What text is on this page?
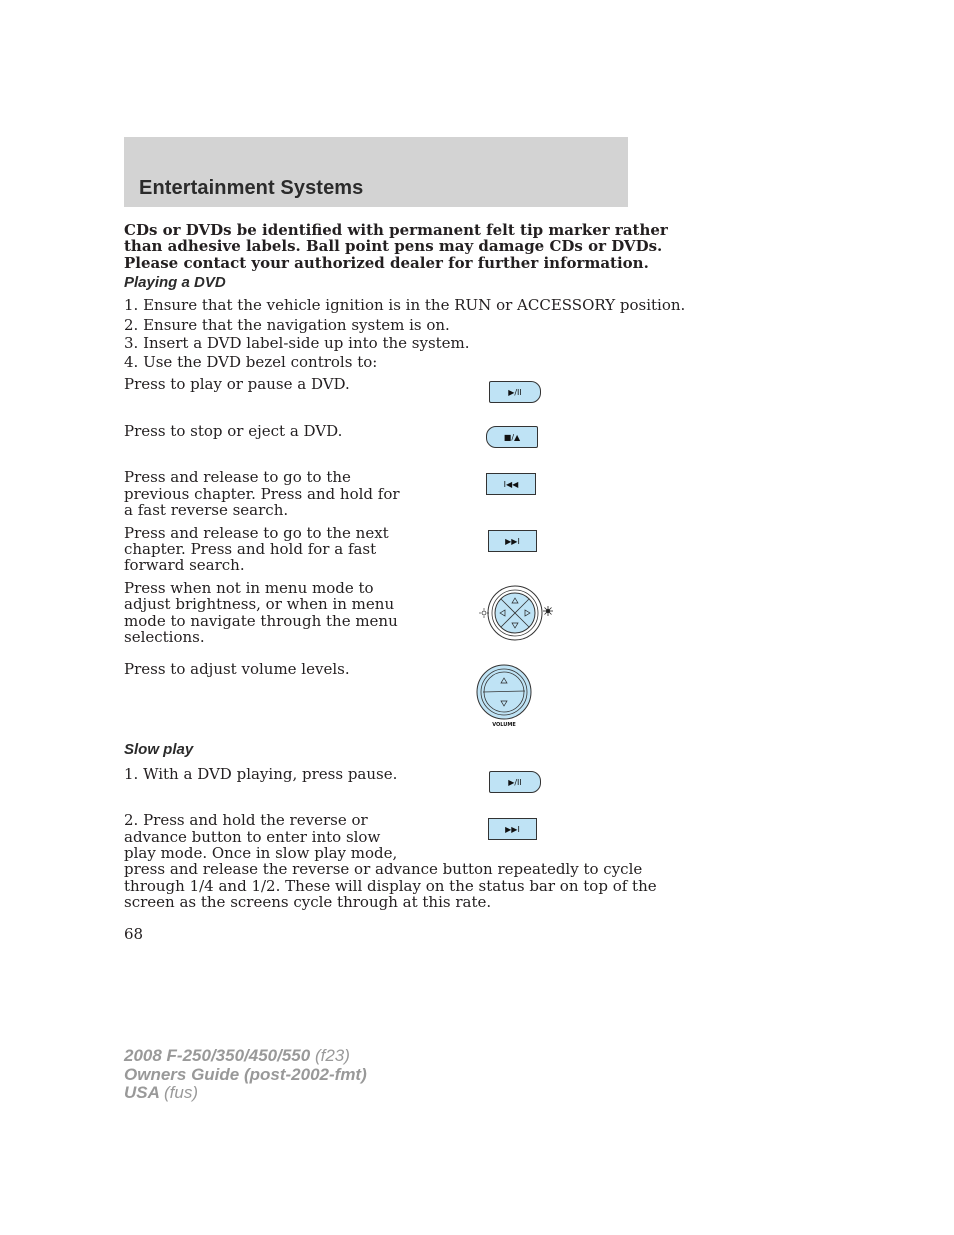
Entertainment Systems
CDs or DVDs be identified with permanent felt tip marker rather
than adhesive labels. Ball point pens may damage CDs or DVDs.
Please contact your authorized dealer for further information.
Playing a DVD
1. Ensure that the vehicle ignition is in the RUN or ACCESSORY position.
2. Ensure that the navigation system is on.
3. Insert a DVD label-side up into the system.
4. Use the DVD bezel controls to:
Press to play or pause a DVD.	▶/II
Press to stop or eject a DVD.	■/▲
Press and release to go to the
previous chapter. Press and hold for
a fast reverse search.
I◀◀
Press and release to go to the next
chapter. Press and hold for a fast
forward search.
▶▶I
Press when not in menu mode to
adjust brightness, or when in menu
mode to navigate through the menu
selections.
Press to adjust volume levels.
VOLUME
Slow play
1. With a DVD playing, press pause.	▶/II
2. Press and hold the reverse or
advance button to enter into slow
play mode. Once in slow play mode,
press and release the reverse or advance button repeatedly to cycle
through 1/4 and 1/2. These will display on the status bar on top of the
screen as the screens cycle through at this rate.
▶▶I
68
2008 F-250/350/450/550 (f23)
Owners Guide (post-2002-fmt)
USA (fus)
